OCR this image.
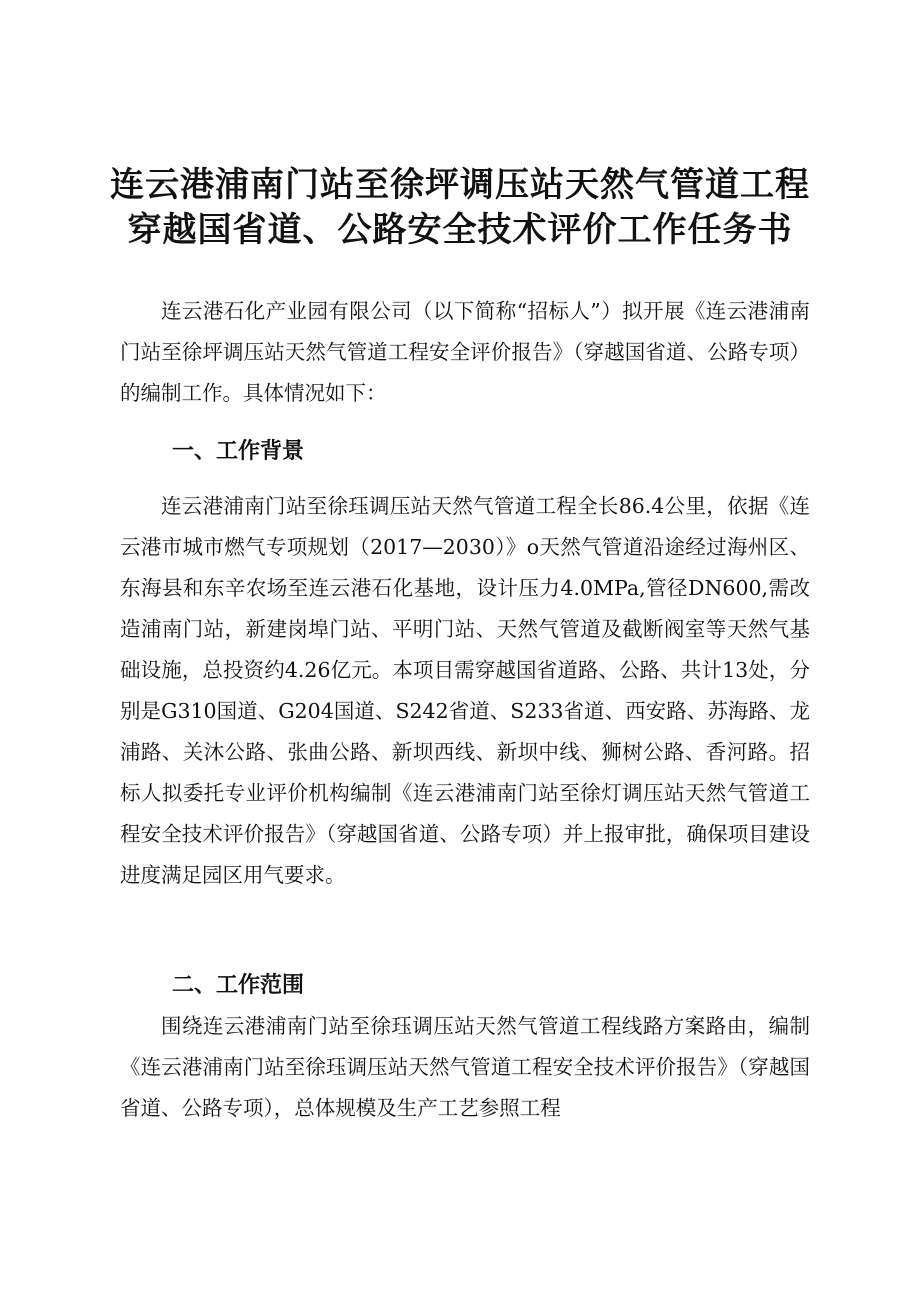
连云港浦南门站至徐坪调压站天然气管道工程
穿越国省道、公路安全技术评价工作任务书

连云港石化产业园有限公司（以下简称“招标人”）拟开展《连云港浦南门站至徐坪调压站天然气管道工程安全评价报告》（穿越国省道、公路专项）的编制工作。具体情况如下：

一、工作背景

连云港浦南门站至徐珏调压站天然气管道工程全长86.4公里，依据《连云港市城市燃气专项规划（2017—2030）》o天然气管道沿途经过海州区、东海县和东辛农场至连云港石化基地，设计压力4.0MPa,管径DN600,需改造浦南门站，新建岗埠门站、平明门站、天然气管道及截断阀室等天然气基础设施，总投资约4.26亿元。本项目需穿越国省道路、公路、共计13处，分别是G310国道、G204国道、S242省道、S233省道、西安路、苏海路、龙浦路、关沐公路、张曲公路、新坝西线、新坝中线、狮树公路、香河路。招标人拟委托专业评价机构编制《连云港浦南门站至徐灯调压站天然气管道工程安全技术评价报告》（穿越国省道、公路专项）并上报审批，确保项目建设进度满足园区用气要求。

二、工作范围

围绕连云港浦南门站至徐珏调压站天然气管道工程线路方案路由，编制《连云港浦南门站至徐珏调压站天然气管道工程安全技术评价报告》（穿越国省道、公路专项），总体规模及生产工艺参照工程
